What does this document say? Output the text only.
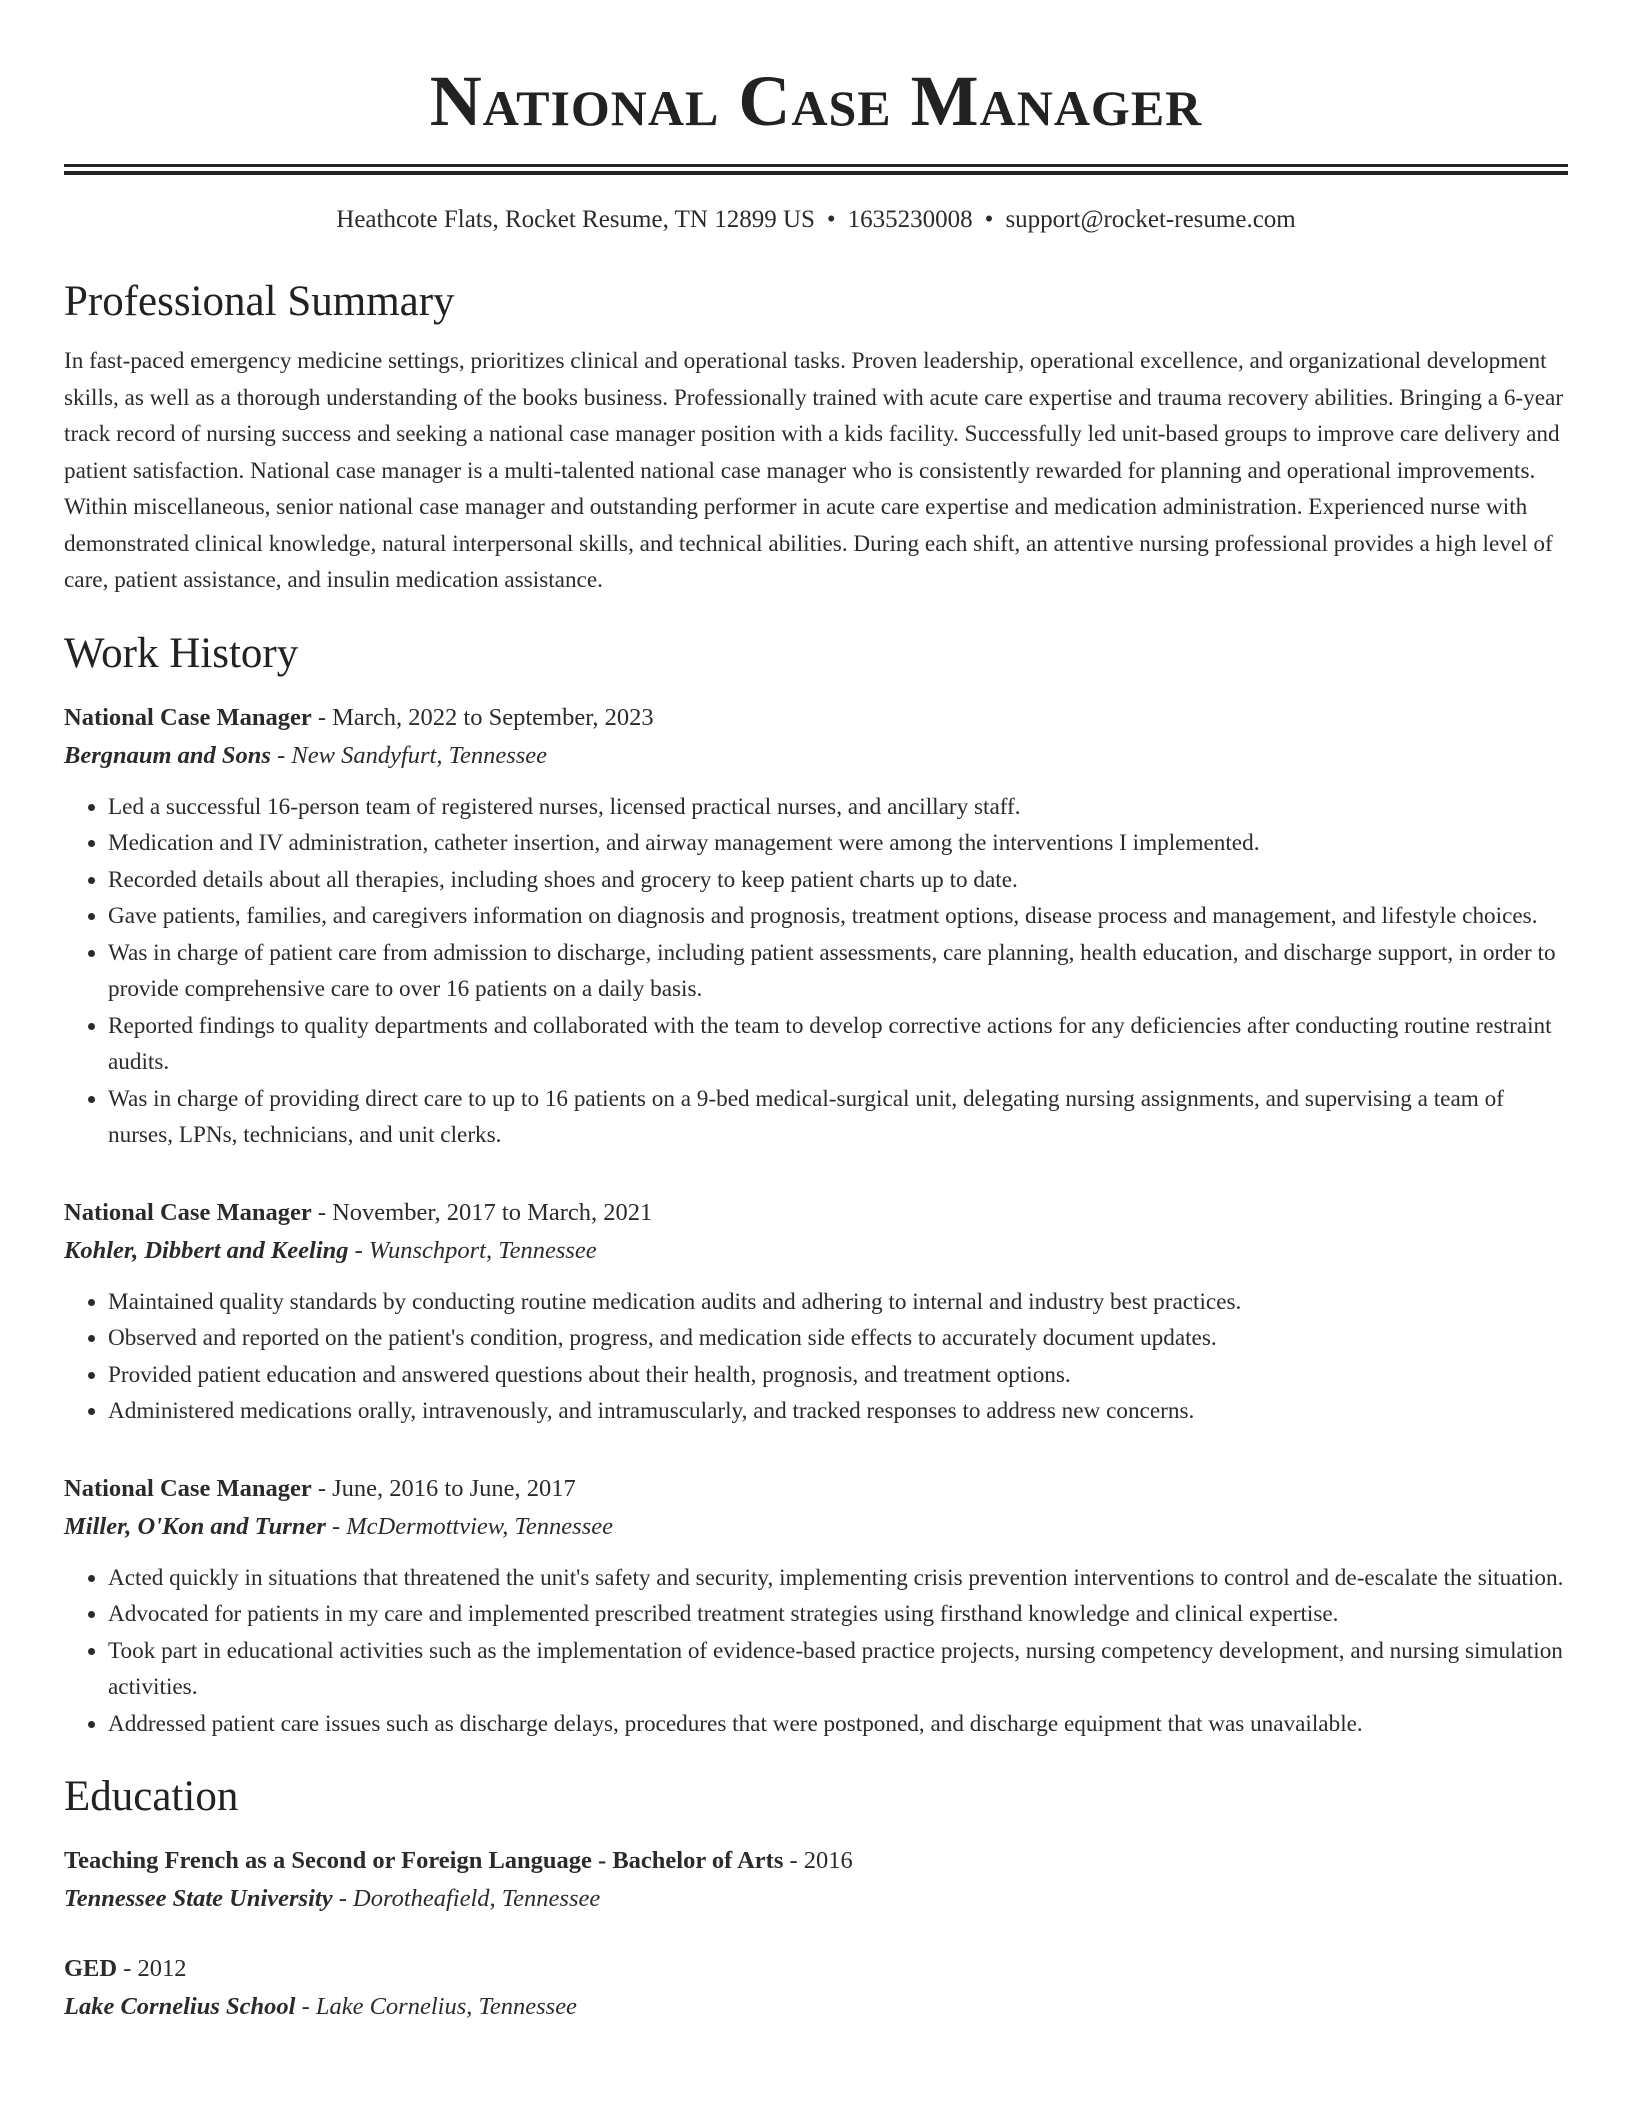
National Case Manager
Heathcote Flats, Rocket Resume, TN 12899 US • 1635230008 • support@rocket-resume.com
Professional Summary

In fast-paced emergency medicine settings, prioritizes clinical and operational tasks. Proven leadership, operational excellence, and organizational development skills, as well as a thorough understanding of the books business. Professionally trained with acute care expertise and trauma recovery abilities. Bringing a 6-year track record of nursing success and seeking a national case manager position with a kids facility. Successfully led unit-based groups to improve care delivery and patient satisfaction. National case manager is a multi-talented national case manager who is consistently rewarded for planning and operational improvements. Within miscellaneous, senior national case manager and outstanding performer in acute care expertise and medication administration. Experienced nurse with demonstrated clinical knowledge, natural interpersonal skills, and technical abilities. During each shift, an attentive nursing professional provides a high level of care, patient assistance, and insulin medication assistance.

Work History
National Case Manager - March, 2022 to September, 2023
Bergnaum and Sons - New Sandyfurt, Tennessee
• Led a successful 16-person team of registered nurses, licensed practical nurses, and ancillary staff.
• Medication and IV administration, catheter insertion, and airway management were among the interventions I implemented.
• Recorded details about all therapies, including shoes and grocery to keep patient charts up to date.
• Gave patients, families, and caregivers information on diagnosis and prognosis, treatment options, disease process and management, and lifestyle choices.
• Was in charge of patient care from admission to discharge, including patient assessments, care planning, health education, and discharge support, in order to provide comprehensive care to over 16 patients on a daily basis.
• Reported findings to quality departments and collaborated with the team to develop corrective actions for any deficiencies after conducting routine restraint audits.
• Was in charge of providing direct care to up to 16 patients on a 9-bed medical-surgical unit, delegating nursing assignments, and supervising a team of nurses, LPNs, technicians, and unit clerks.
National Case Manager - November, 2017 to March, 2021
Kohler, Dibbert and Keeling - Wunschport, Tennessee
• Maintained quality standards by conducting routine medication audits and adhering to internal and industry best practices.
• Observed and reported on the patient's condition, progress, and medication side effects to accurately document updates.
• Provided patient education and answered questions about their health, prognosis, and treatment options.
• Administered medications orally, intravenously, and intramuscularly, and tracked responses to address new concerns.
National Case Manager - June, 2016 to June, 2017
Miller, O'Kon and Turner - McDermottview, Tennessee
• Acted quickly in situations that threatened the unit's safety and security, implementing crisis prevention interventions to control and de-escalate the situation.
• Advocated for patients in my care and implemented prescribed treatment strategies using firsthand knowledge and clinical expertise.
• Took part in educational activities such as the implementation of evidence-based practice projects, nursing competency development, and nursing simulation activities.
• Addressed patient care issues such as discharge delays, procedures that were postponed, and discharge equipment that was unavailable.
Education
Teaching French as a Second or Foreign Language - Bachelor of Arts - 2016
Tennessee State University - Dorotheafield, Tennessee
GED - 2012
Lake Cornelius School - Lake Cornelius, Tennessee
